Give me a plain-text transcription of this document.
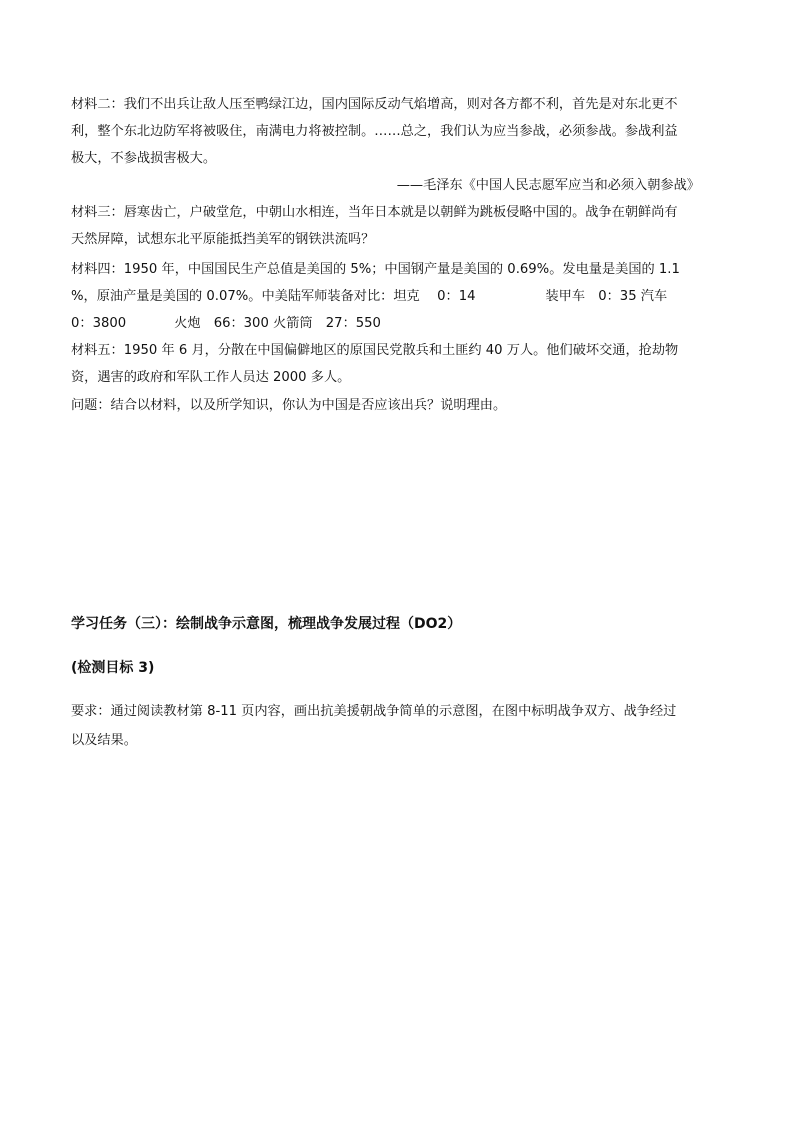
材料二：我们不出兵让敌人压至鸭绿江边，国内国际反动气焰增高，则对各方都不利，首先是对东北更不
利，整个东北边防军将被吸住，南满电力将被控制。……总之，我们认为应当参战，必须参战。参战利益
极大，不参战损害极大。
——毛泽东《中国人民志愿军应当和必须入朝参战》
材料三：唇寒齿亡，户破堂危，中朝山水相连，当年日本就是以朝鲜为跳板侵略中国的。战争在朝鲜尚有
天然屏障，试想东北平原能抵挡美军的钢铁洪流吗？
材料四：1950 年，中国国民生产总值是美国的 5%；中国钢产量是美国的 0.69%。发电量是美国的 1.1
%，原油产量是美国的 0.07%。中美陆军师装备对比：坦克　 0：14	装甲车　0：35 汽车
0：3800	火炮　66：300 火箭筒　27：550
材料五：1950 年 6 月，分散在中国偏僻地区的原国民党散兵和土匪约 40 万人。他们破坏交通，抢劫物
资，遇害的政府和军队工作人员达 2000 多人。
问题：结合以材料，以及所学知识，你认为中国是否应该出兵？说明理由。
学习任务（三）：绘制战争示意图，梳理战争发展过程（DO2）
(检测目标 3)
要求：通过阅读教材第 8-11 页内容，画出抗美援朝战争简单的示意图，在图中标明战争双方、战争经过
以及结果。
